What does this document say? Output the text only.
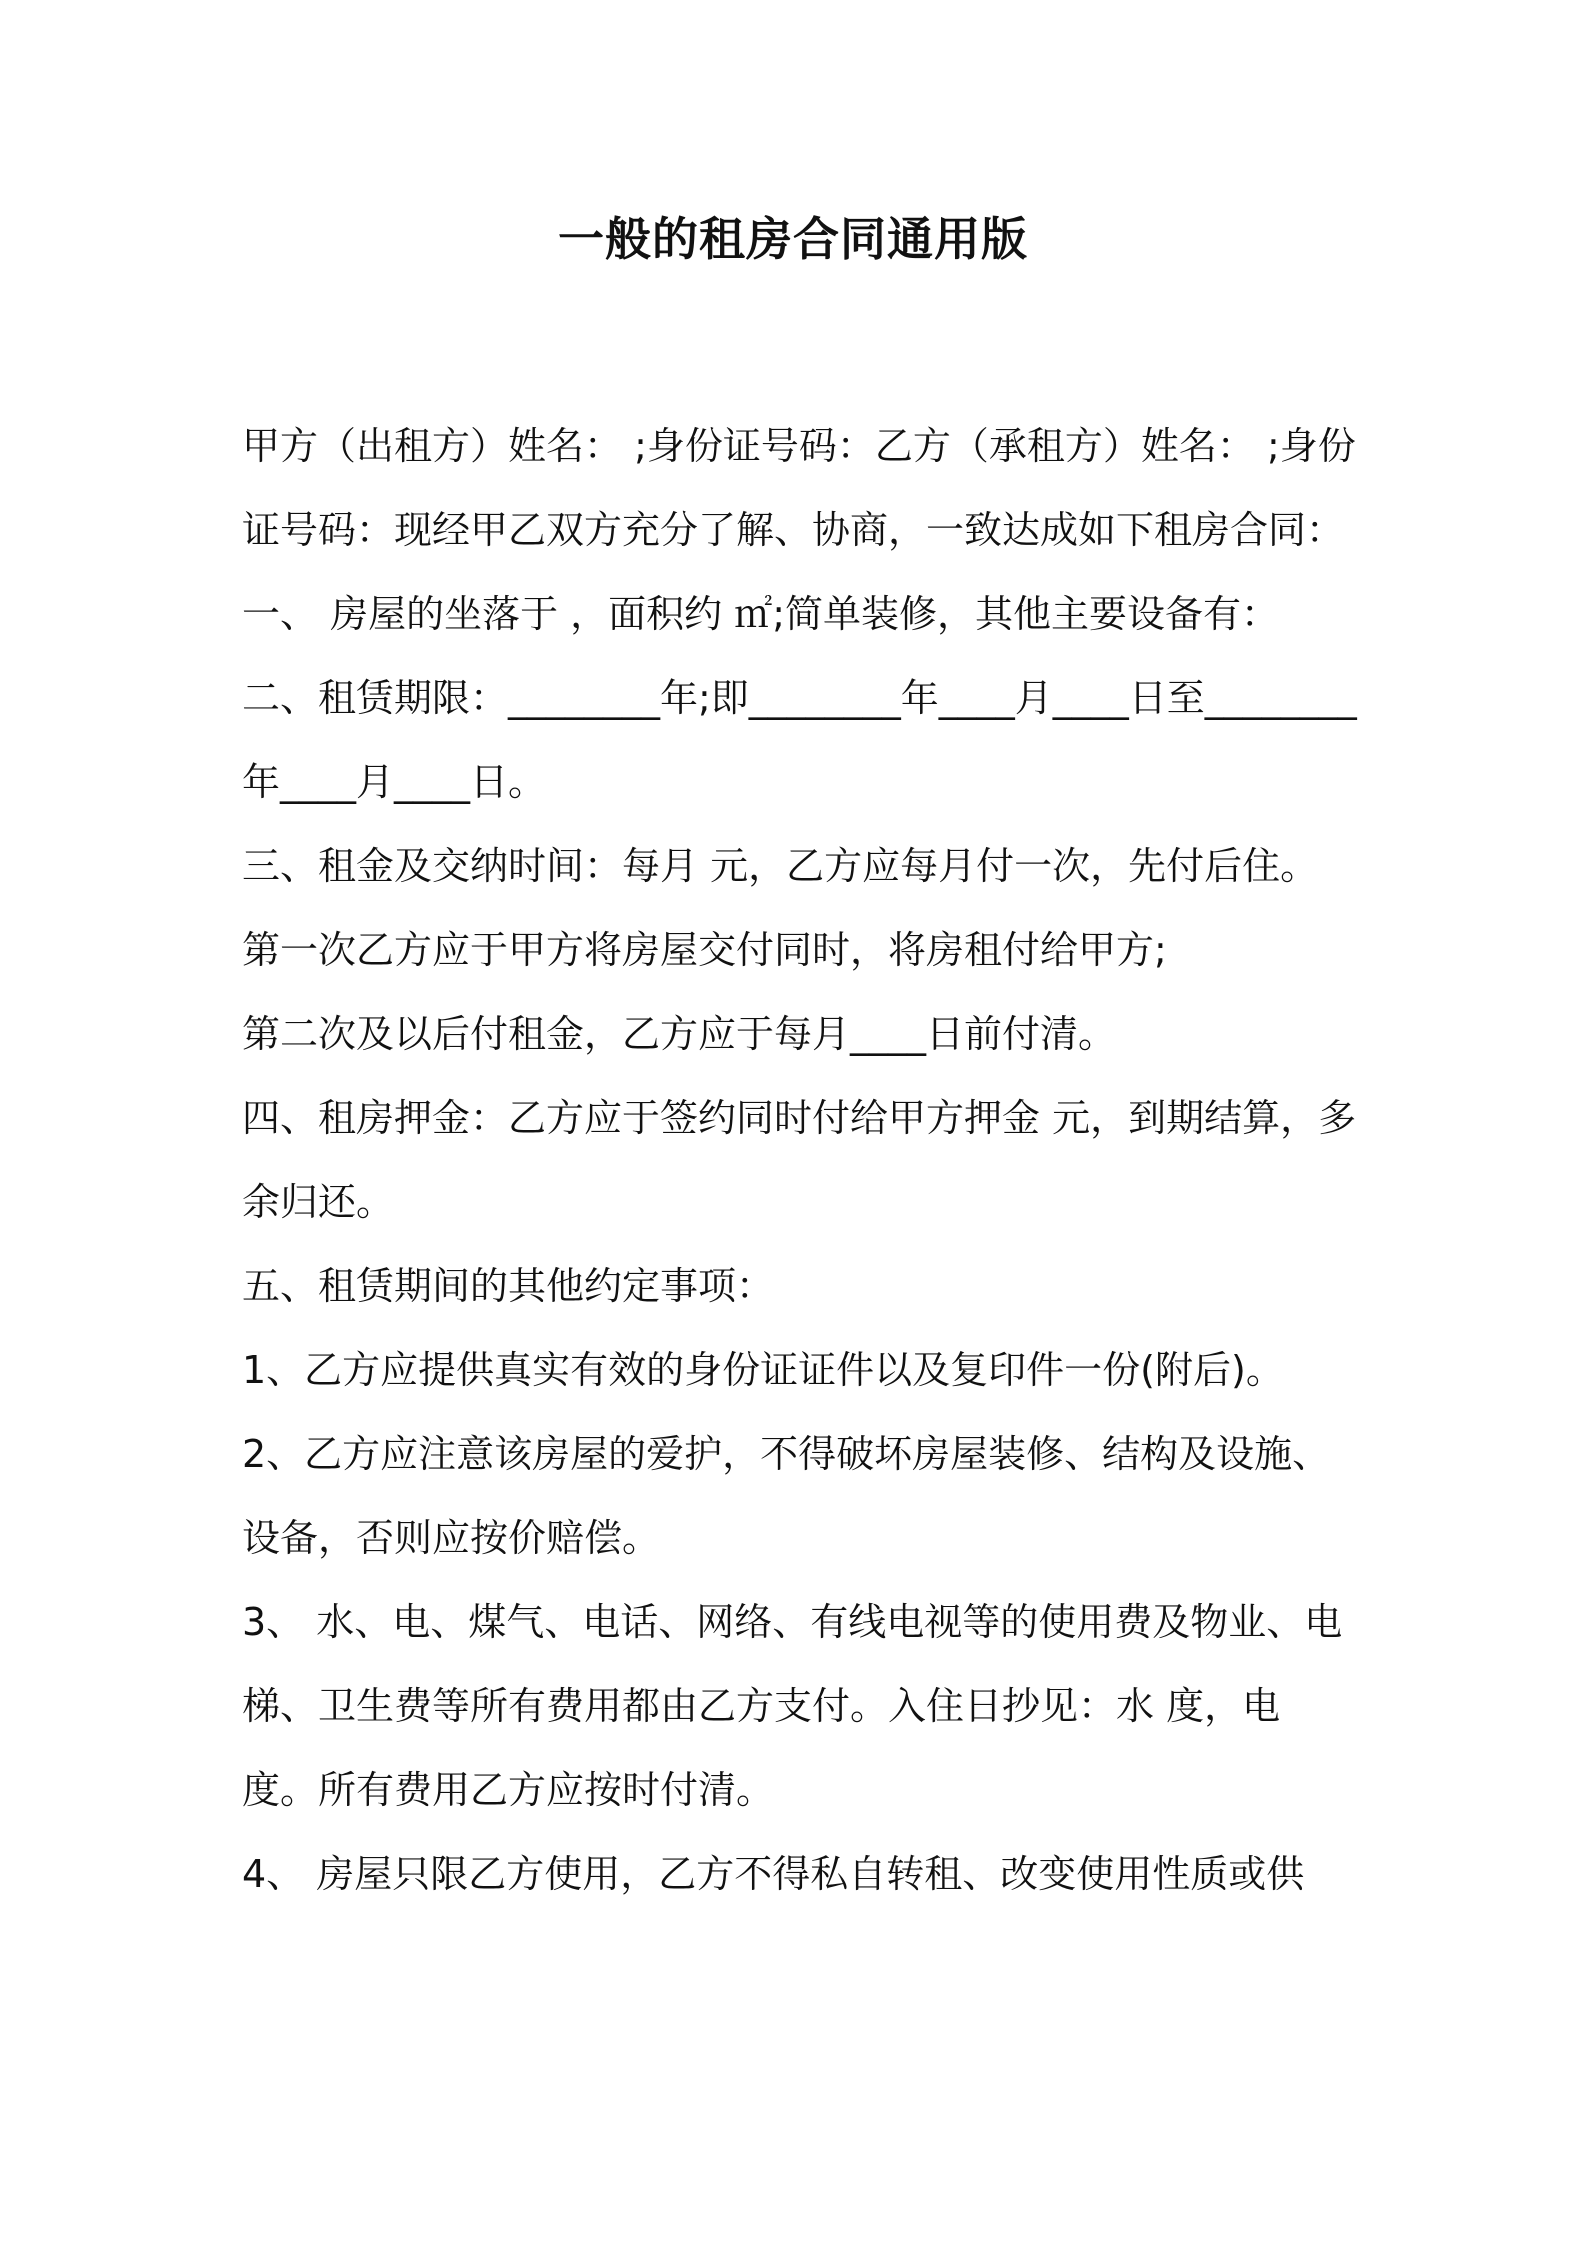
一般的租房合同通用版

甲方（出租方）姓名： ;身份证号码：乙方（承租方）姓名： ;身份证号码：现经甲乙双方充分了解、协商，一致达成如下租房合同：

一、 房屋的坐落于 ，面积约 ㎡;简单装修，其他主要设备有：

二、租赁期限：________年;即________年____月____日至________年____月____日。

三、租金及交纳时间：每月 元，乙方应每月付一次，先付后住。

第一次乙方应于甲方将房屋交付同时，将房租付给甲方;

第二次及以后付租金，乙方应于每月____日前付清。

四、租房押金：乙方应于签约同时付给甲方押金 元，到期结算，多余归还。

五、租赁期间的其他约定事项：

1、乙方应提供真实有效的身份证证件以及复印件一份(附后)。

2、乙方应注意该房屋的爱护，不得破坏房屋装修、结构及设施、设备，否则应按价赔偿。

3、 水、电、煤气、电话、网络、有线电视等的使用费及物业、电梯、卫生费等所有费用都由乙方支付。入住日抄见：水 度，电 度。所有费用乙方应按时付清。

4、 房屋只限乙方使用，乙方不得私自转租、改变使用性质或供
